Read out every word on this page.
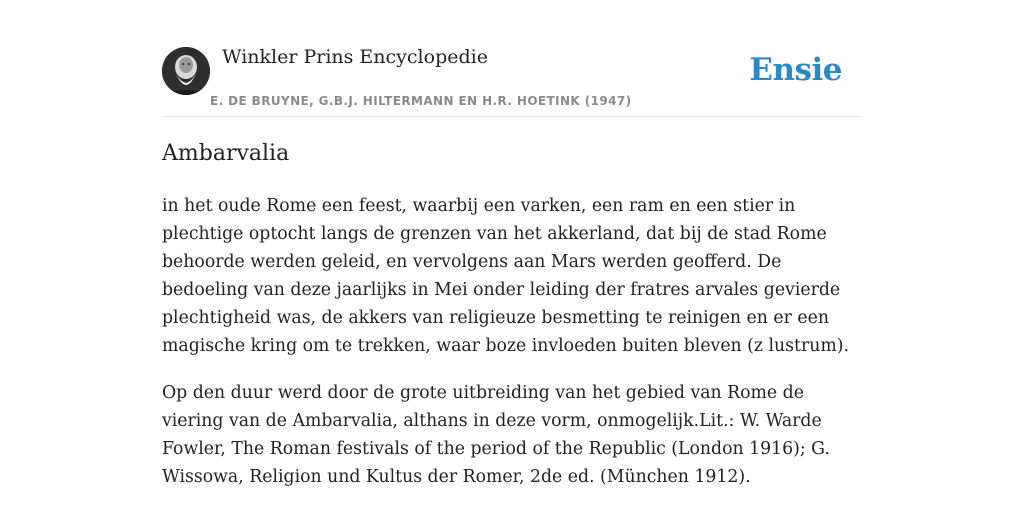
Winkler Prins Encyclopedie
E. DE BRUYNE, G.B.J. HILTERMANN EN H.R. HOETINK (1947)
Ensie
Ambarvalia

in het oude Rome een feest, waarbij een varken, een ram en een stier in plechtige optocht langs de grenzen van het akkerland, dat bij de stad Rome behoorde werden geleid, en vervolgens aan Mars werden geofferd. De bedoeling van deze jaarlijks in Mei onder leiding der fratres arvales gevierde plechtigheid was, de akkers van religieuze besmetting te reinigen en er een magische kring om te trekken, waar boze invloeden buiten bleven (z lustrum).

Op den duur werd door de grote uitbreiding van het gebied van Rome de viering van de Ambarvalia, althans in deze vorm, onmogelijk.Lit.: W. Warde Fowler, The Roman festivals of the period of the Republic (London 1916); G. Wissowa, Religion und Kultus der Romer, 2de ed. (München 1912).
